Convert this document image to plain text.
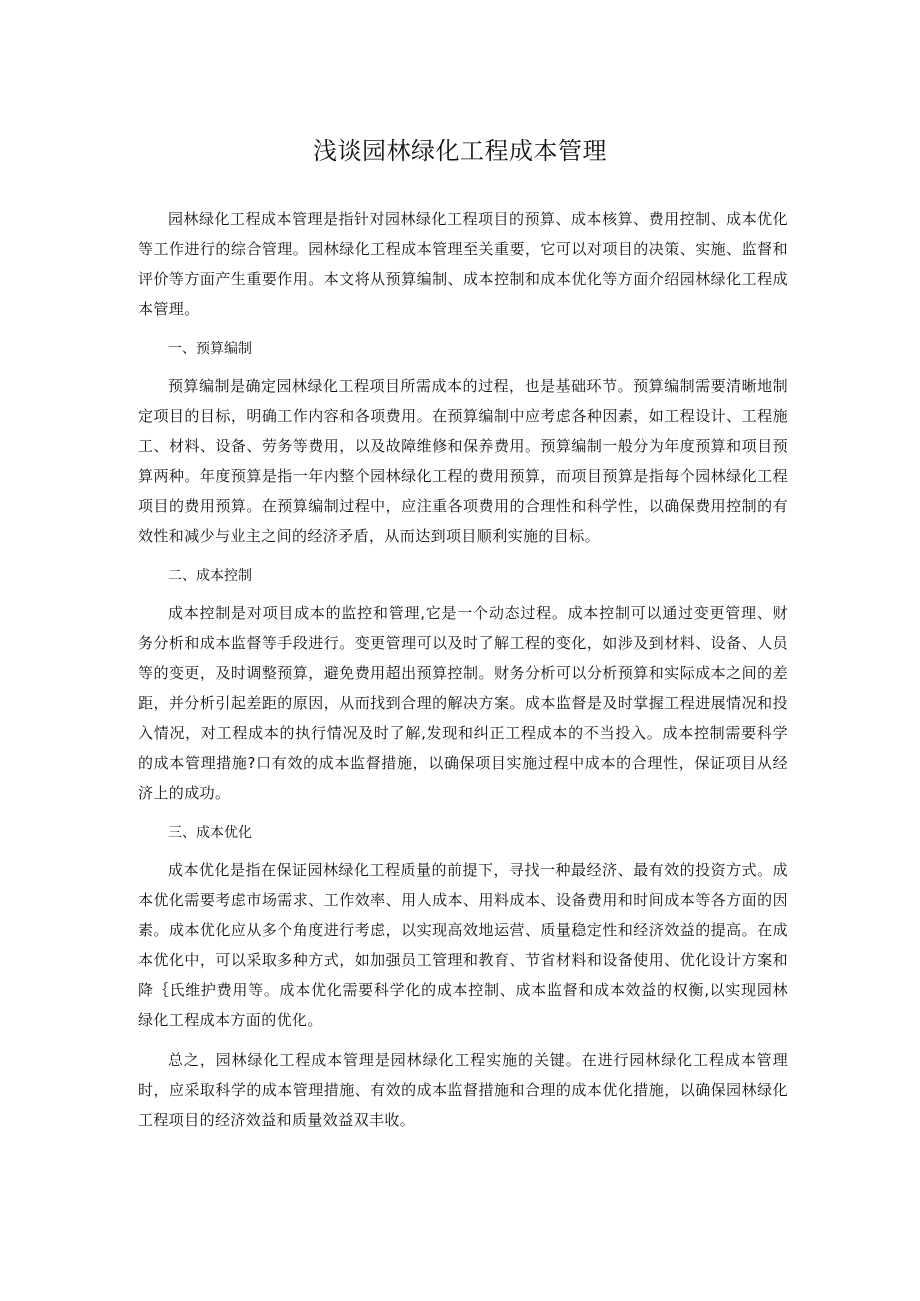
浅谈园林绿化工程成本管理

园林绿化工程成本管理是指针对园林绿化工程项目的预算、成本核算、费用控制、成本优化等工作进行的综合管理。园林绿化工程成本管理至关重要，它可以对项目的决策、实施、监督和评价等方面产生重要作用。本文将从预算编制、成本控制和成本优化等方面介绍园林绿化工程成本管理。

一、预算编制

预算编制是确定园林绿化工程项目所需成本的过程，也是基础环节。预算编制需要清晰地制定项目的目标，明确工作内容和各项费用。在预算编制中应考虑各种因素，如工程设计、工程施工、材料、设备、劳务等费用，以及故障维修和保养费用。预算编制一般分为年度预算和项目预算两种。年度预算是指一年内整个园林绿化工程的费用预算，而项目预算是指每个园林绿化工程项目的费用预算。在预算编制过程中，应注重各项费用的合理性和科学性，以确保费用控制的有效性和减少与业主之间的经济矛盾，从而达到项目顺利实施的目标。

二、成本控制

成本控制是对项目成本的监控和管理,它是一个动态过程。成本控制可以通过变更管理、财务分析和成本监督等手段进行。变更管理可以及时了解工程的变化，如涉及到材料、设备、人员等的变更，及时调整预算，避免费用超出预算控制。财务分析可以分析预算和实际成本之间的差距，并分析引起差距的原因，从而找到合理的解决方案。成本监督是及时掌握工程进展情况和投入情况，对工程成本的执行情况及时了解,发现和纠正工程成本的不当投入。成本控制需要科学的成本管理措施?口有效的成本监督措施，以确保项目实施过程中成本的合理性，保证项目从经济上的成功。

三、成本优化

成本优化是指在保证园林绿化工程质量的前提下，寻找一种最经济、最有效的投资方式。成本优化需要考虑市场需求、工作效率、用人成本、用料成本、设备费用和时间成本等各方面的因素。成本优化应从多个角度进行考虑，以实现高效地运营、质量稳定性和经济效益的提高。在成本优化中，可以采取多种方式，如加强员工管理和教育、节省材料和设备使用、优化设计方案和降｛氏维护费用等。成本优化需要科学化的成本控制、成本监督和成本效益的权衡,以实现园林绿化工程成本方面的优化。

总之，园林绿化工程成本管理是园林绿化工程实施的关键。在进行园林绿化工程成本管理时，应采取科学的成本管理措施、有效的成本监督措施和合理的成本优化措施，以确保园林绿化工程项目的经济效益和质量效益双丰收。
